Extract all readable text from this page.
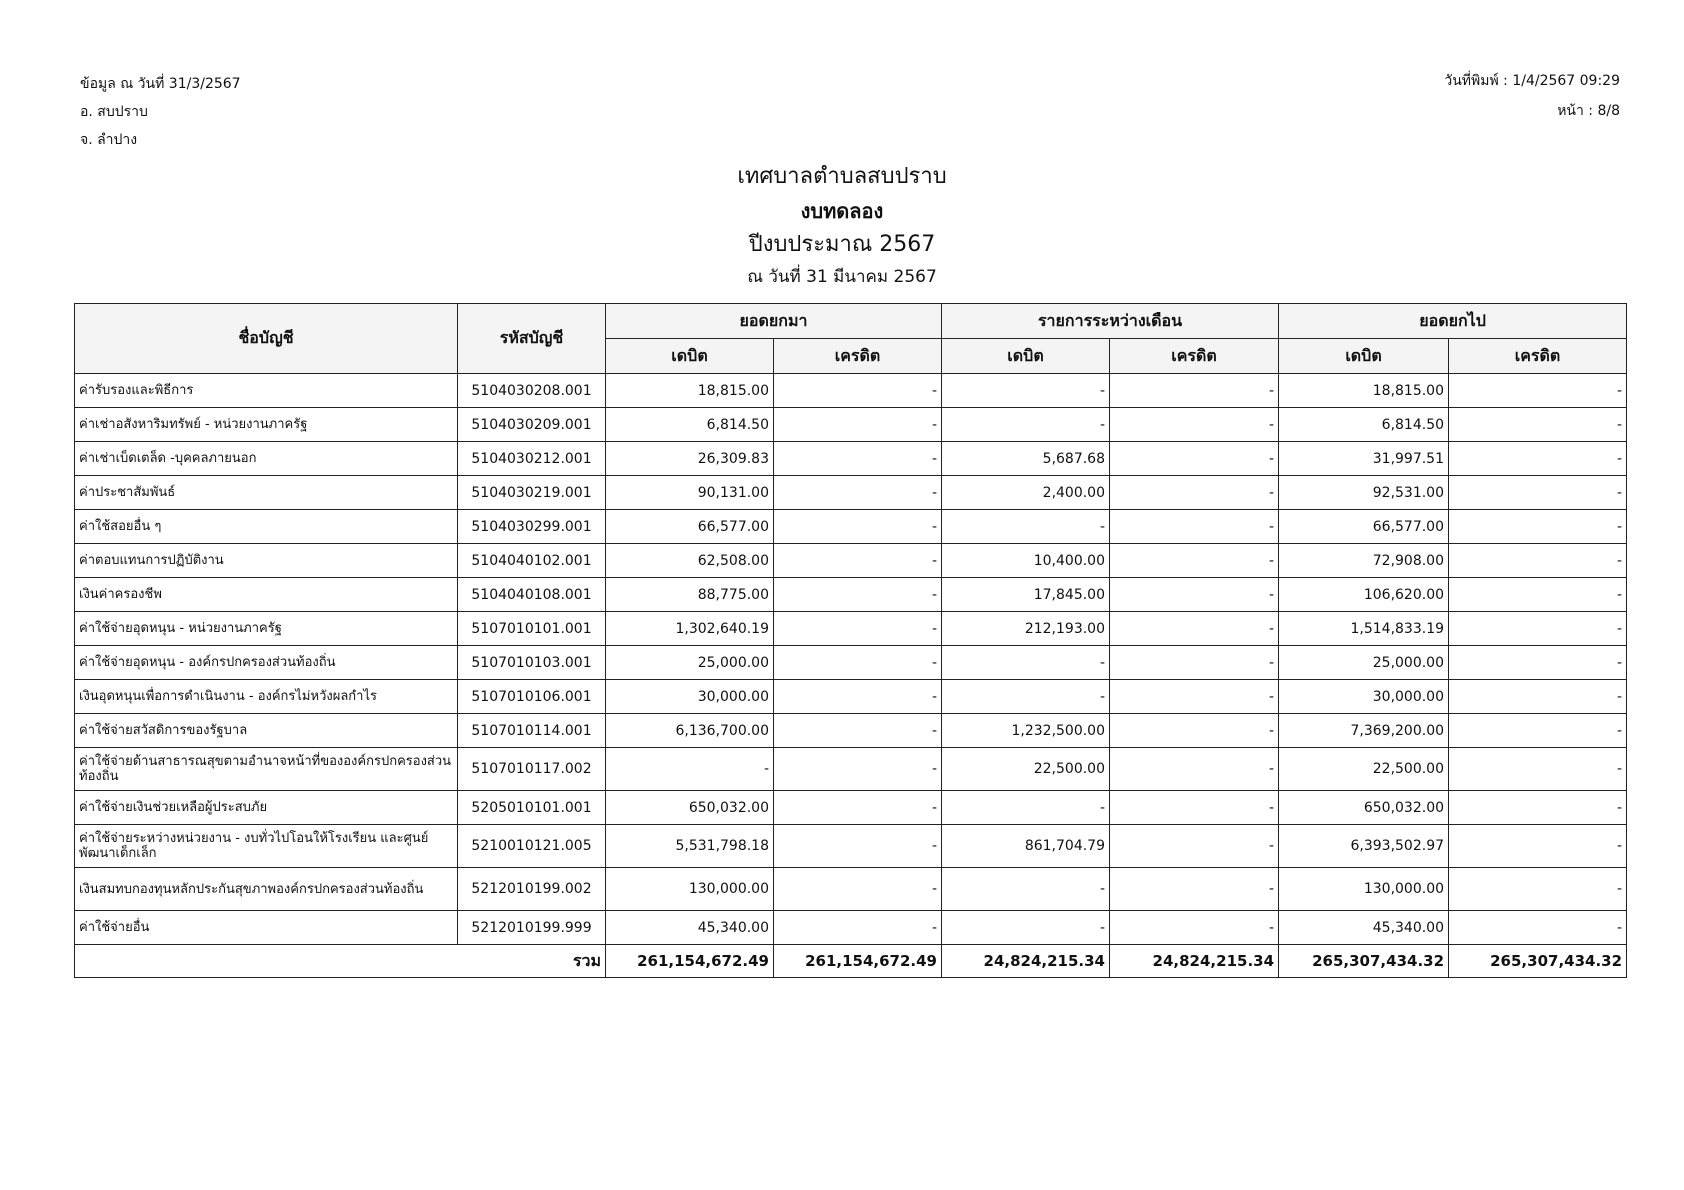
ข้อมูล ณ วันที่ 31/3/2567
อ. สบปราบ
จ. ลำปาง
วันที่พิมพ์ : 1/4/2567 09:29
หน้า : 8/8
เทศบาลตำบลสบปราบ
งบทดลอง
ปีงบประมาณ 2567
ณ วันที่ 31 มีนาคม 2567
ชื่อบัญชี	รหัสบัญชี	ยอดยกมา		รายการระหว่างเดือน		ยอดยกไป	
		เดบิต	เครดิต	เดบิต	เครดิต	เดบิต	เครดิต
ค่ารับรองและพิธีการ	5104030208.001	18,815.00	-	-	-	18,815.00	-
ค่าเช่าอสังหาริมทรัพย์ - หน่วยงานภาครัฐ	5104030209.001	6,814.50	-	-	-	6,814.50	-
ค่าเช่าเบ็ดเตล็ด -บุคคลภายนอก	5104030212.001	26,309.83	-	5,687.68	-	31,997.51	-
ค่าประชาสัมพันธ์	5104030219.001	90,131.00	-	2,400.00	-	92,531.00	-
ค่าใช้สอยอื่น ๆ	5104030299.001	66,577.00	-	-	-	66,577.00	-
ค่าตอบแทนการปฏิบัติงาน	5104040102.001	62,508.00	-	10,400.00	-	72,908.00	-
เงินค่าครองชีพ	5104040108.001	88,775.00	-	17,845.00	-	106,620.00	-
ค่าใช้จ่ายอุดหนุน - หน่วยงานภาครัฐ	5107010101.001	1,302,640.19	-	212,193.00	-	1,514,833.19	-
ค่าใช้จ่ายอุดหนุน - องค์กรปกครองส่วนท้องถิ่น	5107010103.001	25,000.00	-	-	-	25,000.00	-
เงินอุดหนุนเพื่อการดำเนินงาน - องค์กรไม่หวังผลกำไร	5107010106.001	30,000.00	-	-	-	30,000.00	-
ค่าใช้จ่ายสวัสดิการของรัฐบาล	5107010114.001	6,136,700.00	-	1,232,500.00	-	7,369,200.00	-
ค่าใช้จ่ายด้านสาธารณสุขตามอำนาจหน้าที่ขององค์กรปกครองส่วนท้องถิ่น	5107010117.002	-	-	22,500.00	-	22,500.00	-
ค่าใช้จ่ายเงินช่วยเหลือผู้ประสบภัย	5205010101.001	650,032.00	-	-	-	650,032.00	-
ค่าใช้จ่ายระหว่างหน่วยงาน - งบทั่วไปโอนให้โรงเรียน และศูนย์พัฒนาเด็กเล็ก	5210010121.005	5,531,798.18	-	861,704.79	-	6,393,502.97	-
เงินสมทบกองทุนหลักประกันสุขภาพองค์กรปกครองส่วนท้องถิ่น	5212010199.002	130,000.00	-	-	-	130,000.00	-
ค่าใช้จ่ายอื่น	5212010199.999	45,340.00	-	-	-	45,340.00	-
รวม		261,154,672.49	261,154,672.49	24,824,215.34	24,824,215.34	265,307,434.32	265,307,434.32
